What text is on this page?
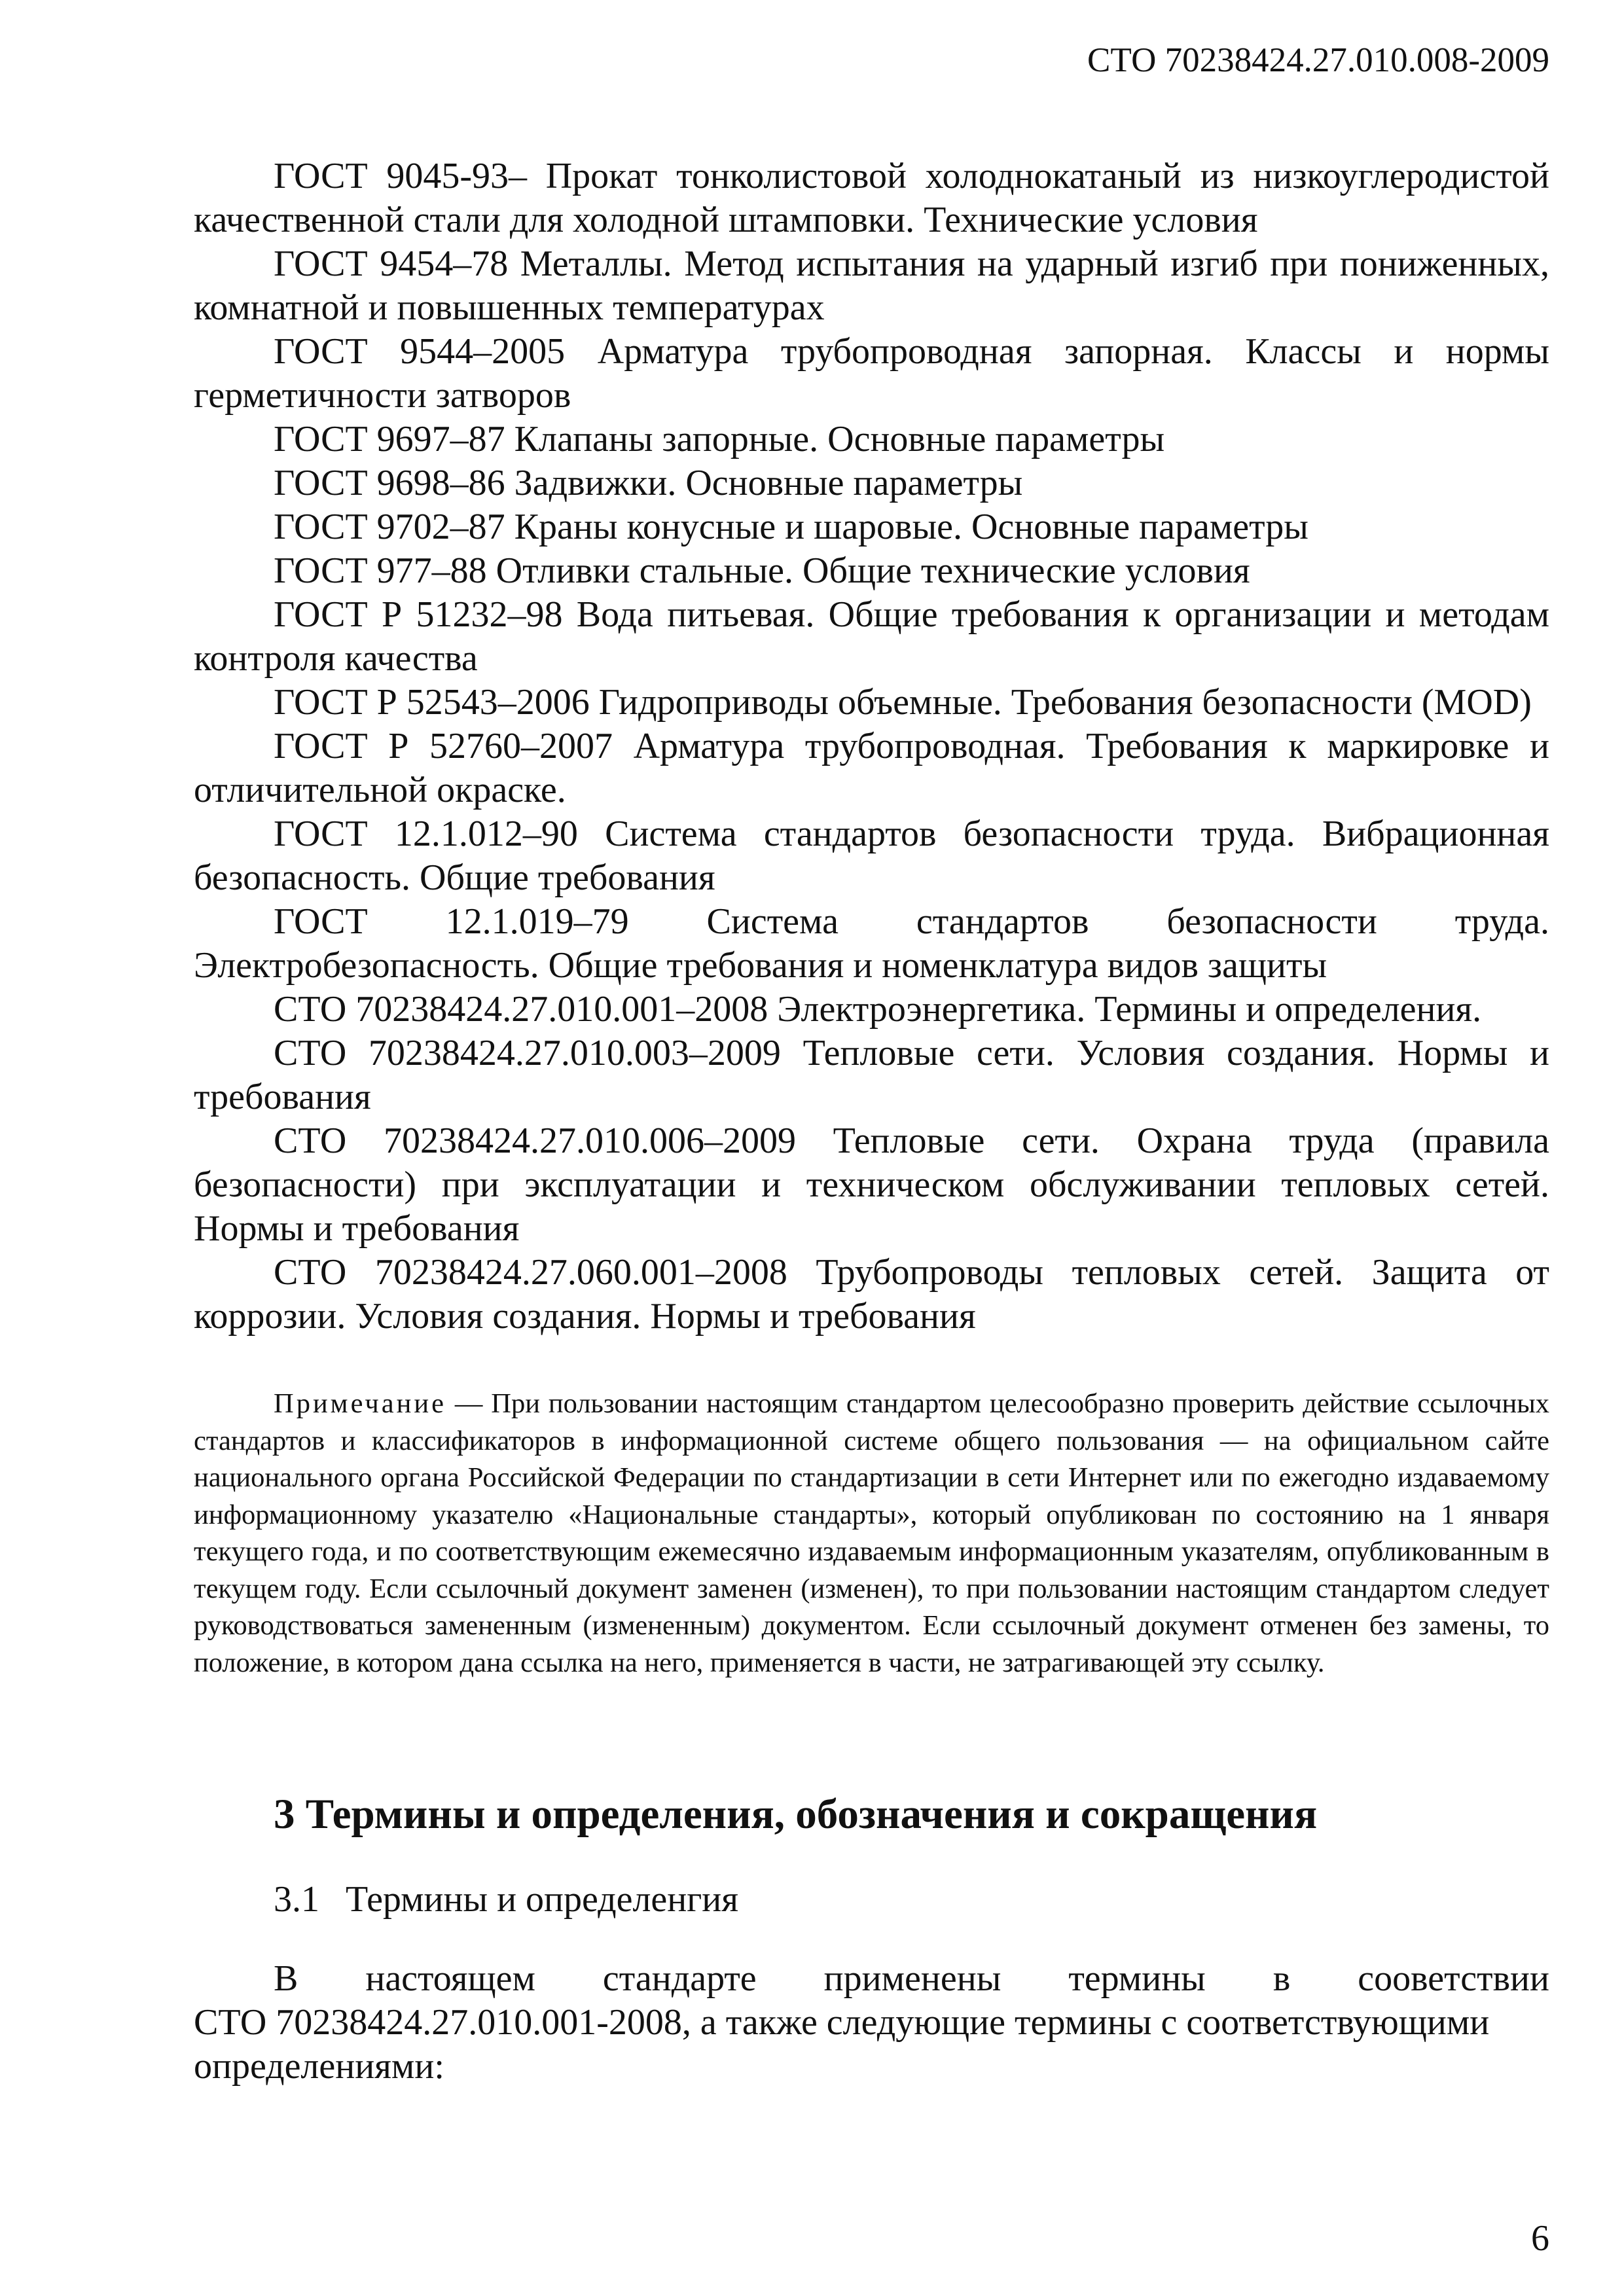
СТО 70238424.27.010.008-2009

ГОСТ 9045-93– Прокат тонколистовой холоднокатаный из низкоуглеродистой качественной стали для холодной штамповки. Технические условия

ГОСТ 9454–78 Металлы. Метод испытания на ударный изгиб при пониженных, комнатной и повышенных температурах

ГОСТ 9544–2005 Арматура трубопроводная запорная. Классы и нормы герметичности затворов

ГОСТ 9697–87 Клапаны запорные. Основные параметры

ГОСТ 9698–86 Задвижки. Основные параметры

ГОСТ 9702–87 Краны конусные и шаровые. Основные параметры

ГОСТ 977–88 Отливки стальные. Общие технические условия

ГОСТ Р 51232–98 Вода питьевая. Общие требования к организации и методам контроля качества

ГОСТ Р 52543–2006 Гидроприводы объемные. Требования безопасности (MOD)

ГОСТ Р 52760–2007 Арматура трубопроводная. Требования к маркировке и отличительной окраске.

ГОСТ 12.1.012–90 Система стандартов безопасности труда. Вибрационная безопасность. Общие требования

ГОСТ 12.1.019–79 Система стандартов безопасности труда. Электробезопасность. Общие требования и номенклатура видов защиты

СТО 70238424.27.010.001–2008 Электроэнергетика. Термины и определения.

СТО 70238424.27.010.003–2009 Тепловые сети. Условия создания. Нормы и требования

СТО 70238424.27.010.006–2009 Тепловые сети. Охрана труда (правила безопасности) при эксплуатации и техническом обслуживании тепловых сетей. Нормы и требования

СТО 70238424.27.060.001–2008 Трубопроводы тепловых сетей. Защита от коррозии. Условия создания. Нормы и требования

Примечание — При пользовании настоящим стандартом целесообразно проверить действие ссылочных стандартов и классификаторов в информационной системе общего пользования — на официальном сайте национального органа Российской Федерации по стандартизации в сети Интернет или по ежегодно издаваемому информационному указателю «Национальные стандарты», который опубликован по состоянию на 1 января текущего года, и по соответствующим ежемесячно издаваемым информационным указателям, опубликованным в текущем году. Если ссылочный документ заменен (изменен), то при пользовании настоящим стандартом следует руководствоваться замененным (измененным) документом. Если ссылочный документ отменен без замены, то положение, в котором дана ссылка на него, применяется в части, не затрагивающей эту ссылку.

3 Термины и определения, обозначения и сокращения
3.1 Термины и определенгия
В настоящем стандарте применены термины в соoветствии
СТО 70238424.27.010.001-2008, а также следующие термины с соответствующими определениями:
6
